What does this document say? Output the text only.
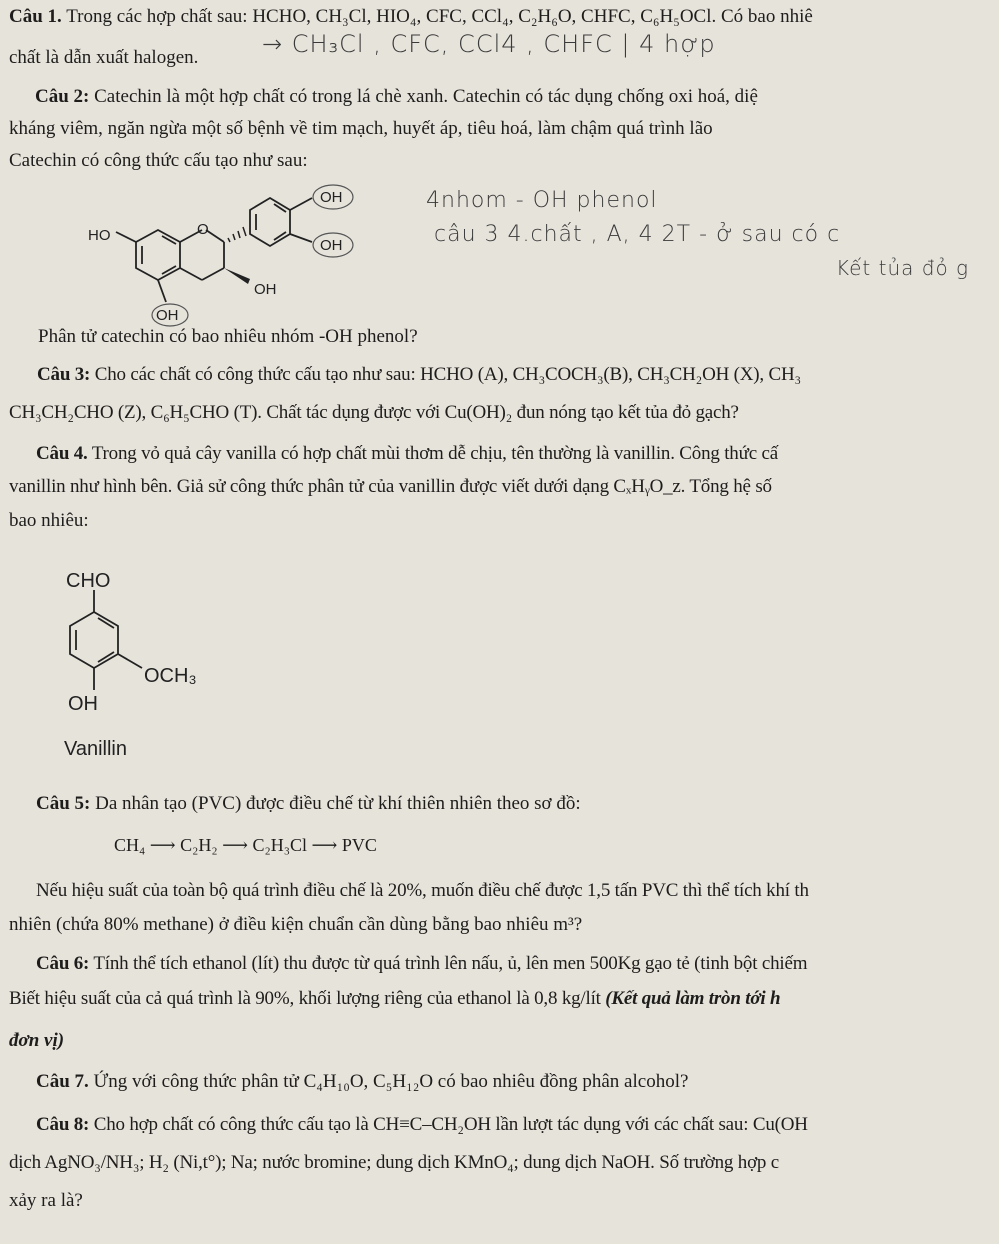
Câu 1. Trong các hợp chất sau: HCHO, CH₃Cl, HIO₄, CFC, CCl₄, C₂H₆O, CHFC, C₆H₅OCl. Có bao nhiê
chất là dẫn xuất halogen.	→ CH₃Cl , CFC, CCl4 , CHFC | 4 hợp
Câu 2: Catechin là một hợp chất có trong lá chè xanh. Catechin có tác dụng chống oxi hoá, diệ
kháng viêm, ngăn ngừa một số bệnh về tim mạch, huyết áp, tiêu hoá, làm chậm quá trình lão
Catechin có công thức cấu tạo như sau:
HO	O
OH
OH
OH
OH
4nhom - OH phenol
câu 3 4.chất , A, 4 2T - ở sau có c
Kết tủa đỏ g
Phân tử catechin có bao nhiêu nhóm -OH phenol?
Câu 3: Cho các chất có công thức cấu tạo như sau: HCHO (A), CH₃COCH₃(B), CH₃CH₂OH (X), CH₃
CH₃CH₂CHO (Z), C₆H₅CHO (T). Chất tác dụng được với Cu(OH)₂ đun nóng tạo kết tủa đỏ gạch?
Câu 4. Trong vỏ quả cây vanilla có hợp chất mùi thơm dễ chịu, tên thường là vanillin. Công thức cấ
vanillin như hình bên. Giả sử công thức phân tử của vanillin được viết dưới dạng CₓHᵧO_z. Tổng hệ số
bao nhiêu:
CHO
OCH₃
OH
Vanillin
Câu 5: Da nhân tạo (PVC) được điều chế từ khí thiên nhiên theo sơ đồ:
CH₄ ⟶ C₂H₂ ⟶ C₂H₃Cl ⟶ PVC
Nếu hiệu suất của toàn bộ quá trình điều chế là 20%, muốn điều chế được 1,5 tấn PVC thì thể tích khí th
nhiên (chứa 80% methane) ở điều kiện chuẩn cần dùng bằng bao nhiêu m³?
Câu 6: Tính thể tích ethanol (lít) thu được từ quá trình lên nấu, ủ, lên men 500Kg gạo tẻ (tinh bột chiếm
Biết hiệu suất của cả quá trình là 90%, khối lượng riêng của ethanol là 0,8 kg/lít (Kết quả làm tròn tới h
đơn vị)
Câu 7. Ứng với công thức phân tử C₄H₁₀O, C₅H₁₂O có bao nhiêu đồng phân alcohol?
Câu 8: Cho hợp chất có công thức cấu tạo là CH≡C–CH₂OH lần lượt tác dụng với các chất sau: Cu(OH
dịch AgNO₃/NH₃; H₂ (Ni,t°); Na; nước bromine; dung dịch KMnO₄; dung dịch NaOH. Số trường hợp c
xảy ra là?
